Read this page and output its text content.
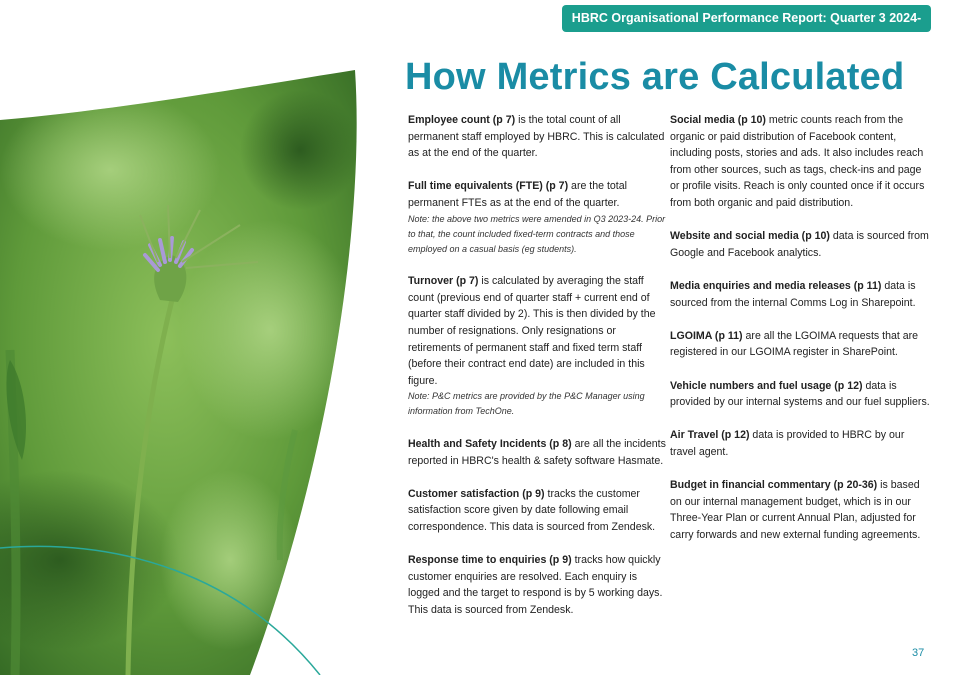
HBRC Organisational Performance Report: Quarter 3 2024-2025
How Metrics are Calculated
Employee count (p 7) is the total count of all permanent staff employed by HBRC. This is calculated as at the end of the quarter.
Full time equivalents (FTE) (p 7) are the total permanent FTEs as at the end of the quarter.

Note: the above two metrics were amended in Q3 2023-24. Prior to that, the count included fixed-term contracts and those employed on a casual basis (eg students).

Turnover (p 7) is calculated by averaging the staff count (previous end of quarter staff + current end of quarter staff divided by 2). This is then divided by the number of resignations. Only resignations or retirements of permanent staff and fixed term staff (before their contract end date) are included in this figure.

Note: P&C metrics are provided by the P&C Manager using information from TechOne.

Health and Safety Incidents (p 8) are all the incidents reported in HBRC's health & safety software Hasmate.
Customer satisfaction (p 9) tracks the customer satisfaction score given by date following email correspondence. This data is sourced from Zendesk.
Response time to enquiries (p 9) tracks how quickly customer enquiries are resolved. Each enquiry is logged and the target to respond is by 5 working days. This data is sourced from Zendesk.
Social media (p 10) metric counts reach from the organic or paid distribution of Facebook content, including posts, stories and ads. It also includes reach from other sources, such as tags, check-ins and page or profile visits. Reach is only counted once if it occurs from both organic and paid distribution.
Website and social media (p 10) data is sourced from Google and Facebook analytics.
Media enquiries and media releases (p 11) data is sourced from the internal Comms Log in Sharepoint.
LGOIMA (p 11) are all the LGOIMA requests that are registered in our LGOIMA register in SharePoint.
Vehicle numbers and fuel usage (p 12) data is provided by our internal systems and our fuel suppliers.
Air Travel (p 12) data is provided to HBRC by our travel agent.
Budget in financial commentary (p 20-36) is based on our internal management budget, which is in our Three-Year Plan or current Annual Plan, adjusted for carry forwards and new external funding agreements.
37
